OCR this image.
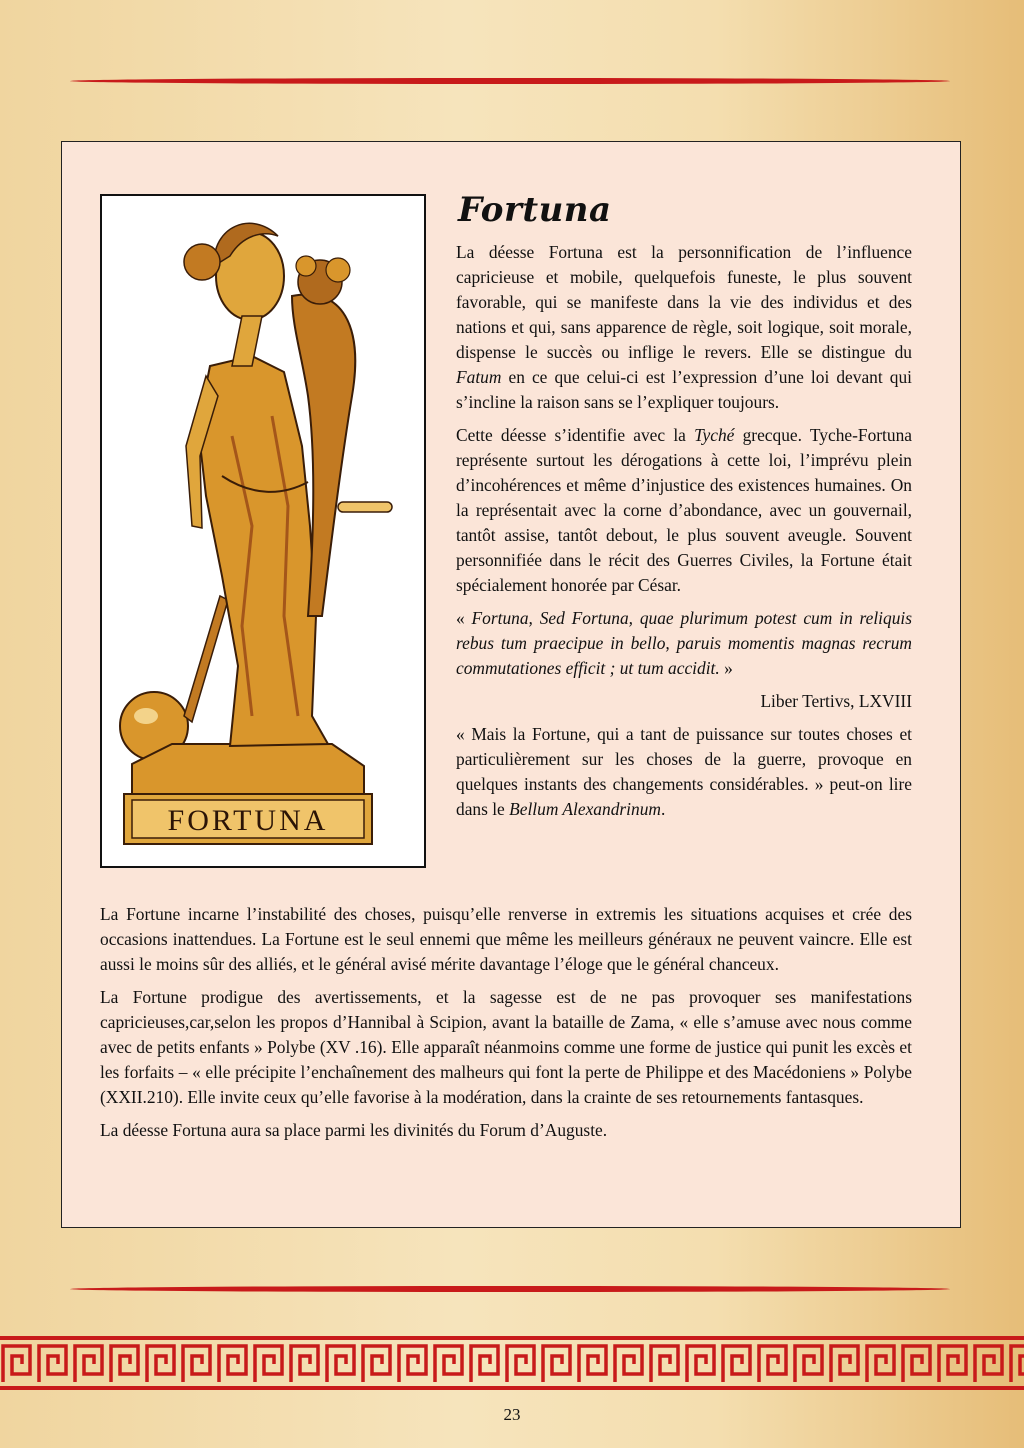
FORTUNA
Fortuna

La déesse Fortuna est la personnification de l’influence capricieuse et mobile, quelquefois funeste, le plus souvent favorable, qui se manifeste dans la vie des individus et des nations et qui, sans apparence de règle, soit logique, soit morale, dispense le succès ou inflige le revers. Elle se distingue du Fatum en ce que celui-ci est l’expression d’une loi devant qui s’incline la raison sans se l’expliquer toujours.

Cette déesse s’identifie avec la Tyché grecque. Tyche-Fortuna représente surtout les dérogations à cette loi, l’imprévu plein d’incohérences et même d’injustice des existences humaines. On la représentait avec la corne d’abondance, avec un gouvernail, tantôt assise, tantôt debout, le plus souvent aveugle. Souvent personnifiée dans le récit des Guerres Civiles, la Fortune était spécialement honorée par César.

« Fortuna, Sed Fortuna, quae plurimum potest cum in reliquis rebus tum praecipue in bello, paruis momentis magnas recrum commutationes efficit ; ut tum accidit. »

Liber Tertivs, LXVIII

« Mais la Fortune, qui a tant de puissance sur toutes choses et particulièrement sur les choses de la guerre, provoque en quelques instants des changements considérables. » peut-on lire dans le Bellum Alexandrinum.

La Fortune incarne l’instabilité des choses, puisqu’elle renverse in extremis les situations acquises et crée des occasions inattendues. La Fortune est le seul ennemi que même les meilleurs généraux ne peuvent vaincre. Elle est aussi le moins sûr des alliés, et le général avisé mérite davantage l’éloge que le général chanceux.

La Fortune prodigue des avertissements, et la sagesse est de ne pas provoquer ses manifestations capricieuses,car,selon les propos d’Hannibal à Scipion, avant la bataille de Zama, « elle s’amuse avec nous comme avec de petits enfants » Polybe (XV .16). Elle apparaît néanmoins comme une forme de justice qui punit les excès et les forfaits – « elle précipite l’enchaînement des malheurs qui font la perte de Philippe et des Macédoniens » Polybe (XXII.210). Elle invite ceux qu’elle favorise à la modération, dans la crainte de ses retournements fantasques.

La déesse Fortuna aura sa place parmi les divinités du Forum d’Auguste.

23
